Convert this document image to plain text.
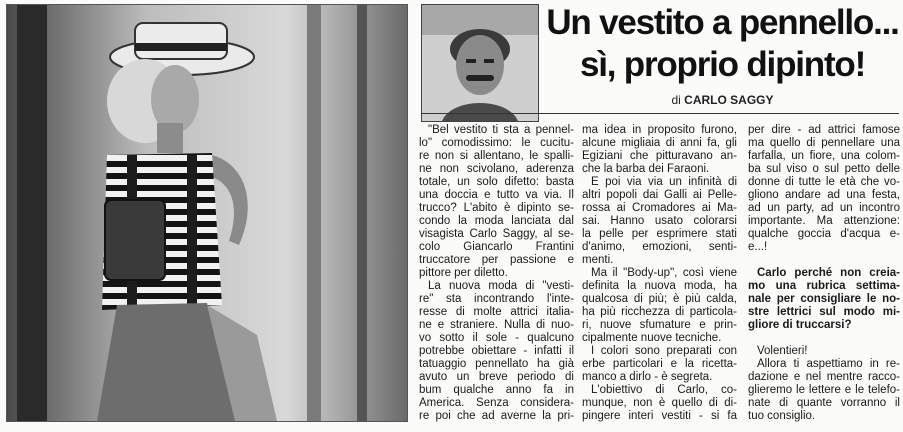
Un vestito a pennello...
sì, proprio dipinto!
di CARLO SAGGY
"Bel vestito ti sta a pennel-
lo" comodissimo: le cucitu-
re non si allentano, le spalli-
ne non scivolano, aderenza
totale, un solo difetto: basta
una doccia e tutto va via. Il
trucco? L'abito è dipinto se-
condo la moda lanciata dal
visagista Carlo Saggy, al se-
colo Giancarlo Frantini
truccatore per passione e
pittore per diletto.
La nuova moda di "vesti-
re" sta incontrando l'inte-
resse di molte attrici italia-
ne e straniere. Nulla di nuo-
vo sotto il sole - qualcuno
potrebbe obiettare - infatti il
tatuaggio pennellato ha già
avuto un breve periodo di
bum qualche anno fa in
America. Senza considera-
re poi che ad averne la pri-
ma idea in proposito furono,
alcune migliaia di anni fa, gli
Egiziani che pitturavano an-
che la barba dei Faraoni.
E poi via via un infinità di
altri popoli dai Galli ai Pelle-
rossa ai Cromadores ai Ma-
sai. Hanno usato colorarsi
la pelle per esprimere stati
d'animo, emozioni, senti-
menti.
Ma il "Body-up", così viene
definita la nuova moda, ha
qualcosa di più; è più calda,
ha più ricchezza di particola-
ri, nuove sfumature e prin-
cipalmente nuove tecniche.
I colori sono preparati con
erbe particolari e la ricetta-
manco a dirlo - è segreta.
L'obiettivo di Carlo, co-
munque, non è quello di di-
pingere interi vestiti - si fa
per dire - ad attrici famose
ma quello di pennellare una
farfalla, un fiore, una colom-
ba sul viso o sul petto delle
donne di tutte le età che vo-
gliono andare ad una festa,
ad un party, ad un incontro
importante. Ma attenzione:
qualche goccia d'acqua e-
e...!
Carlo perché non creia-
mo una rubrica settima-
nale per consigliare le no-
stre lettrici sul modo mi-
gliore di truccarsi?
Volentieri!
Allora ti aspettiamo in re-
dazione e nel mentre racco-
glieremo le lettere e le telefo-
nate di quante vorranno il
tuo consiglio.
